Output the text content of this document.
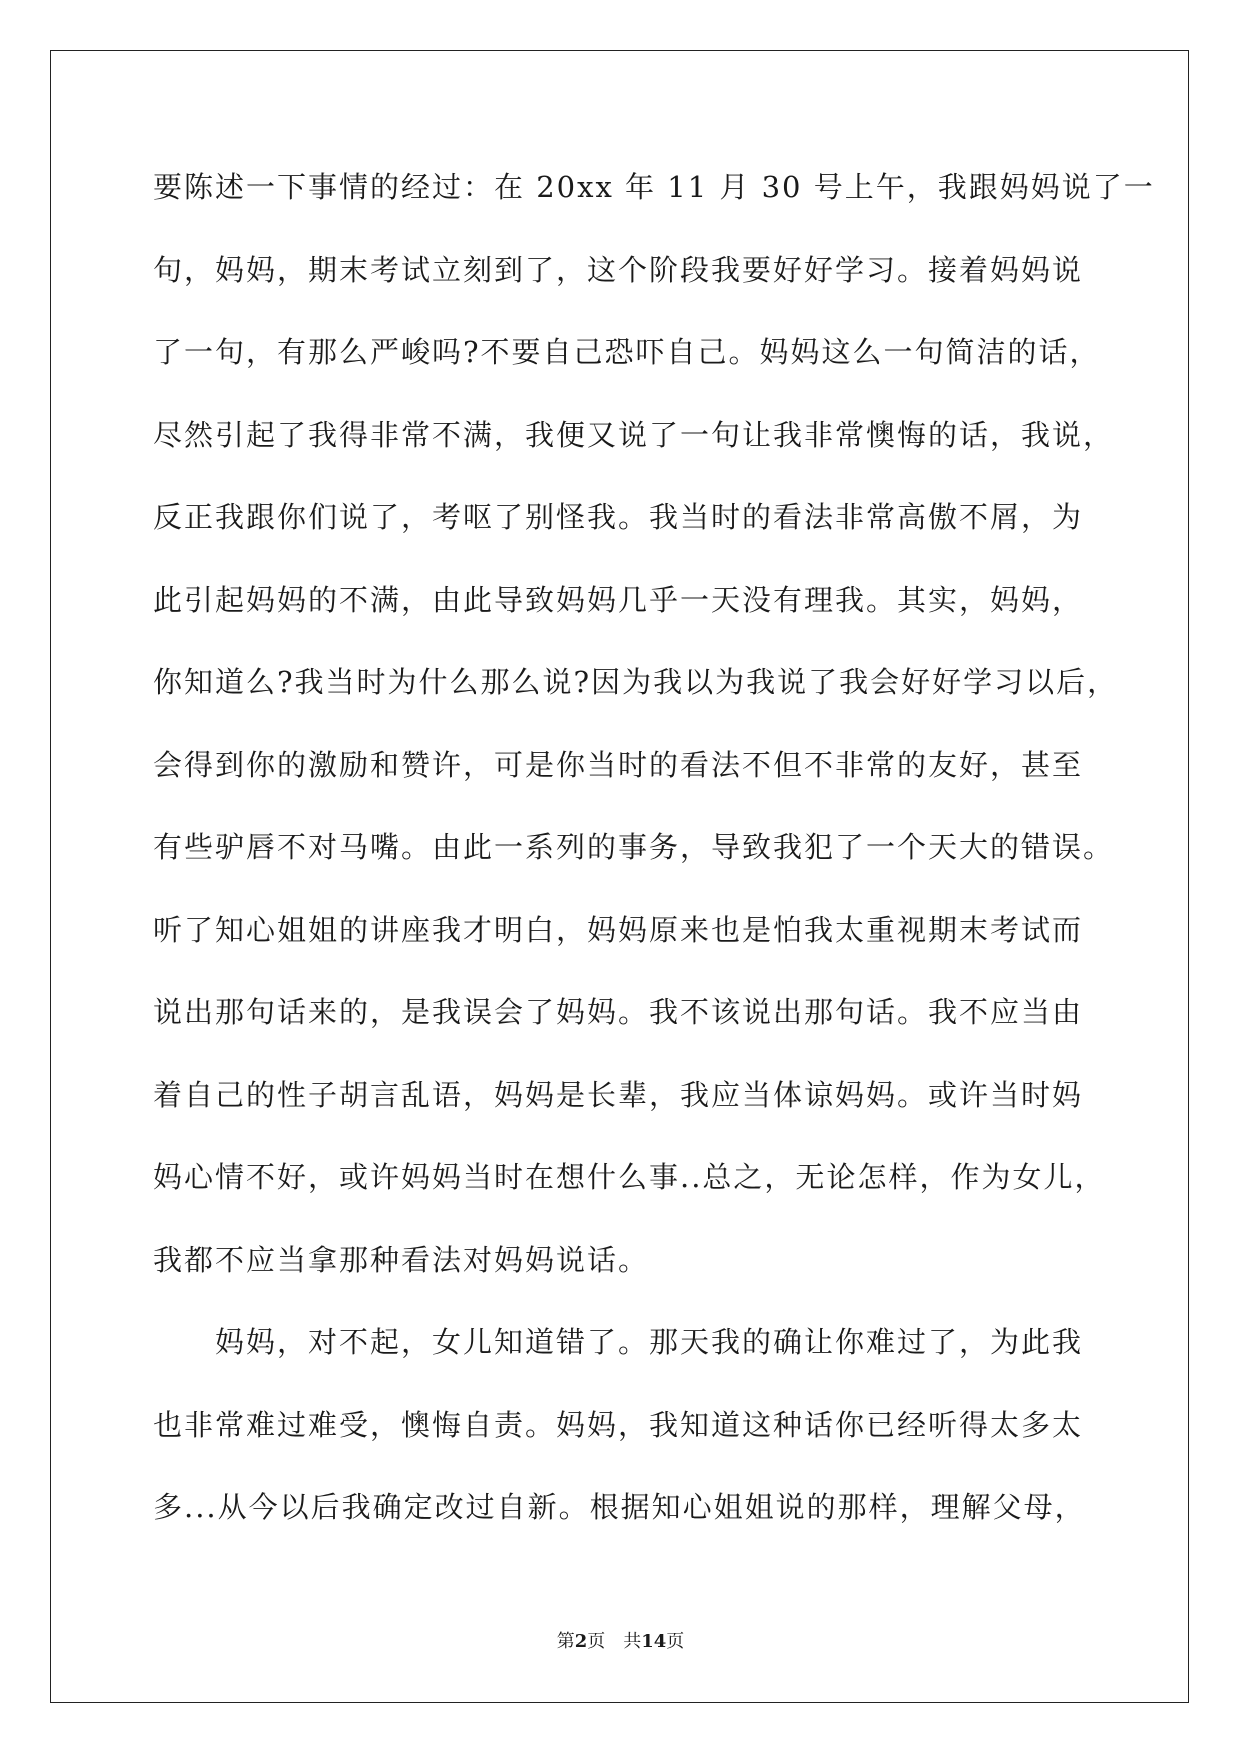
要陈述一下事情的经过：在 20xx 年 11 月 30 号上午，我跟妈妈说了一
句，妈妈，期末考试立刻到了，这个阶段我要好好学习。接着妈妈说
了一句，有那么严峻吗?不要自己恐吓自己。妈妈这么一句简洁的话，
尽然引起了我得非常不满，我便又说了一句让我非常懊悔的话，我说，
反正我跟你们说了，考呕了别怪我。我当时的看法非常高傲不屑，为
此引起妈妈的不满，由此导致妈妈几乎一天没有理我。其实，妈妈，
你知道么?我当时为什么那么说?因为我以为我说了我会好好学习以后，
会得到你的激励和赞许，可是你当时的看法不但不非常的友好，甚至
有些驴唇不对马嘴。由此一系列的事务，导致我犯了一个天大的错误。
听了知心姐姐的讲座我才明白，妈妈原来也是怕我太重视期末考试而
说出那句话来的，是我误会了妈妈。我不该说出那句话。我不应当由
着自己的性子胡言乱语，妈妈是长辈，我应当体谅妈妈。或许当时妈
妈心情不好，或许妈妈当时在想什么事..总之，无论怎样，作为女儿，
我都不应当拿那种看法对妈妈说话。
妈妈，对不起，女儿知道错了。那天我的确让你难过了，为此我
也非常难过难受，懊悔自责。妈妈，我知道这种话你已经听得太多太
多...从今以后我确定改过自新。根据知心姐姐说的那样，理解父母，
第2页 共14页
